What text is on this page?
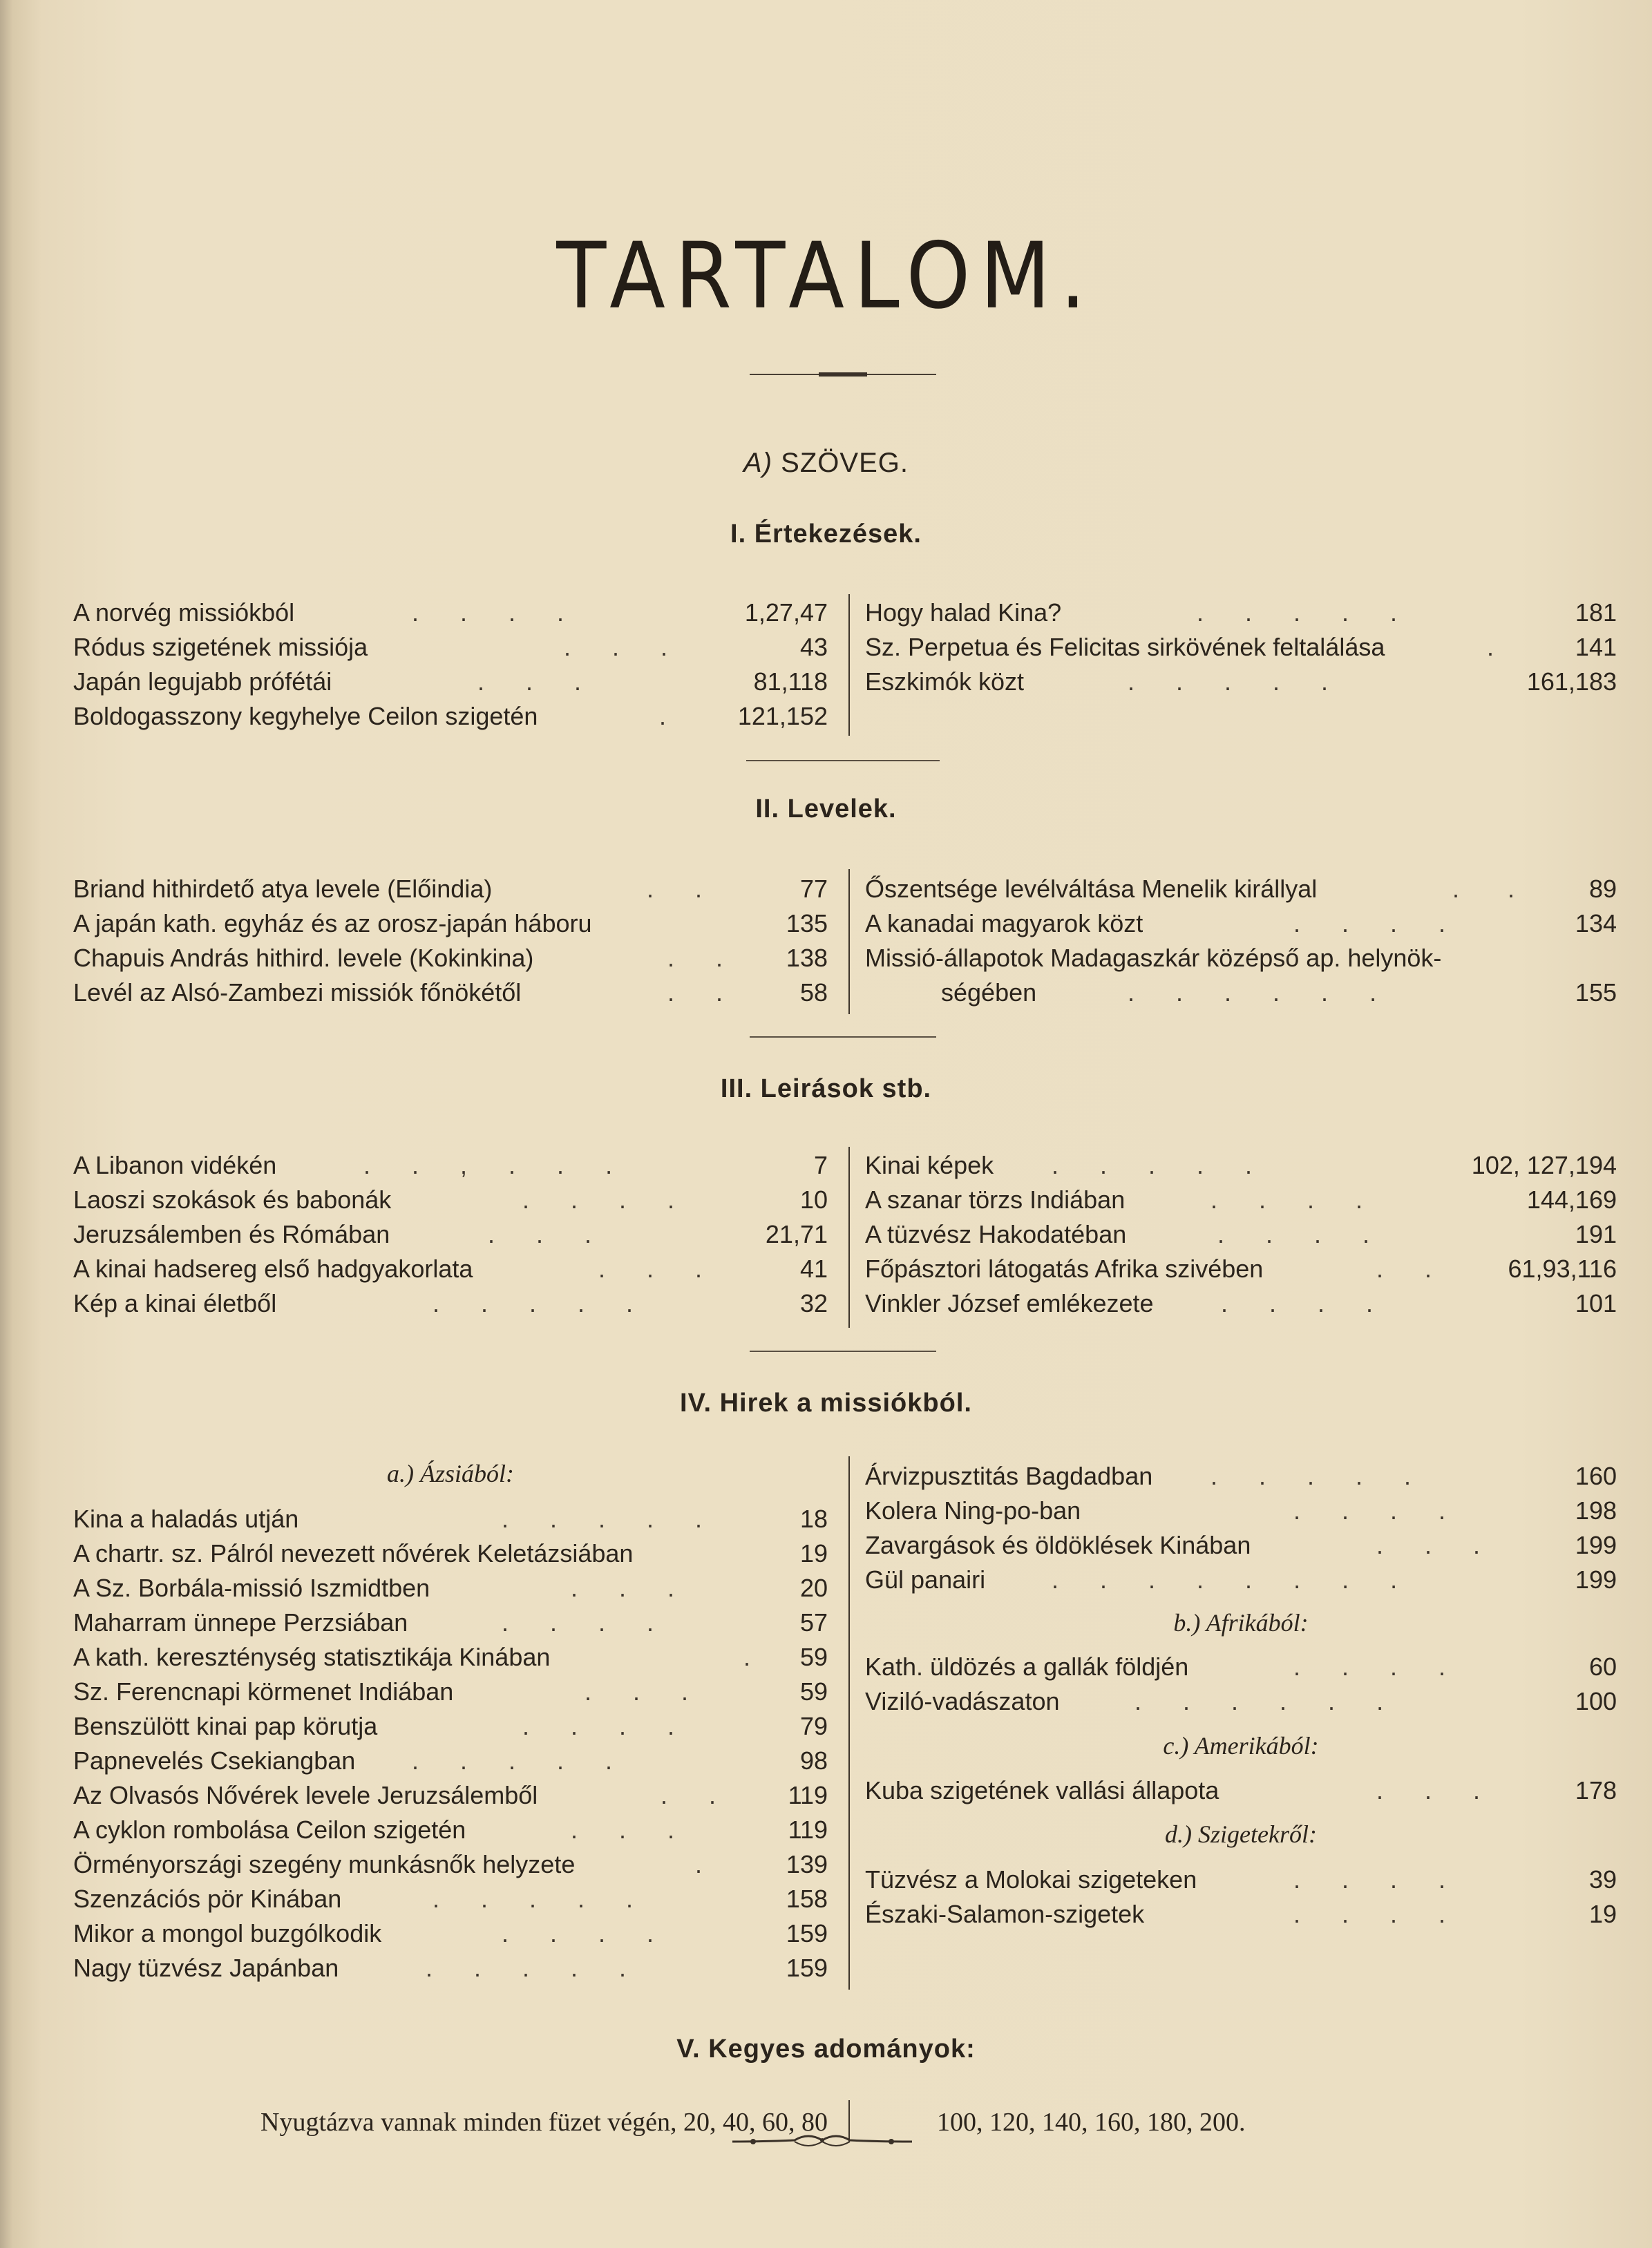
TARTALOM.
A) SZÖVEG.
I. Értekezések.
A norvég missiókból	.      .      .      .	1,27,47
Ródus szigetének missiója	.      .      .	43
Japán legujabb prófétái	.      .      .	81,118
Boldogasszony kegyhelye Ceilon szigetén	.	121,152
Hogy halad Kina?	.      .      .      .      .	181
Sz. Perpetua és Felicitas sirkövének feltalálása	.	141
Eszkimók közt	.      .      .      .      .	161,183
II. Levelek.
Briand hithirdető atya levele (Előindia)	.      .	77
A japán kath. egyház és az orosz-japán háboru	135
Chapuis András hithird. levele (Kokinkina)	.      .	138
Levél az Alsó-Zambezi missiók főnökétől	.      .	58
Őszentsége levélváltása Menelik királlyal	.       .	89
A kanadai magyarok közt	.      .      .      .	134
Missió-állapotok Madagaszkár középső ap. helynök-
ségében	.      .      .      .      .      .	155
III. Leirások stb.
A Libanon vidékén	.      .      ,      .      .      .	7
Laoszi szokások és babonák	.      .      .      .	10
Jeruzsálemben és Rómában	.      .      .	21,71
A kinai hadsereg első hadgyakorlata	.      .      .	41
Kép a kinai életből	.      .      .      .      .	32
Kinai képek .      .      .      .      .	102, 127,194
A szanar törzs Indiában	.      .      .      .	144,169
A tüzvész Hakodatéban	.      .      .      .	191
Főpásztori látogatás Afrika szivében	.      .	61,93,116
Vinkler József emlékezete	.      .      .      .	101
IV. Hirek a missiókból.
a.) Ázsiából:
Kina a haladás utján	.      .      .      .      .	18
A chartr. sz. Pálról nevezett nővérek Keletázsiában	19
A Sz. Borbála-missió Iszmidtben	.      .      .	20
Maharram ünnepe Perzsiában	.      .      .      .	57
A kath. kereszténység statisztikája Kinában	. 59
Sz. Ferencnapi körmenet Indiában	.      .      .	59
Benszülött kinai pap körutja	.      .      .      .	79
Papnevelés Csekiangban .      .      .      .      .	98
Az Olvasós Nővérek levele Jeruzsálemből	.      .	119
A cyklon rombolása Ceilon szigetén	.      .      .	119
Örményországi szegény munkásnők helyzete	.	139
Szenzációs pör Kinában	.      .      .      .      .	158
Mikor a mongol buzgólkodik	.      .      .      .	159
Nagy tüzvész Japánban	.      .      .      .      .	159
Árvizpusztitás Bagdadban .      .      .      .      .	160
Kolera Ning-po-ban	.      .      .      .	198
Zavargások és öldöklések Kinában	.      .      .	199
Gül panairi	.      .      .      .      .      .      .      .	199
b.) Afrikából:
Kath. üldözés a gallák földjén	.      .      .      .	60
Viziló-vadászaton	.      .      .      .      .      .	100
c.) Amerikából:
Kuba szigetének vallási állapota	.      .      .	178
d.) Szigetekről:
Tüzvész a Molokai szigeteken	.      .      .      .	39
Északi-Salamon-szigetek	.      .      .      .	19
V. Kegyes adományok:
Nyugtázva vannak minden füzet végén, 20, 40, 60, 80	100, 120, 140, 160, 180, 200.
